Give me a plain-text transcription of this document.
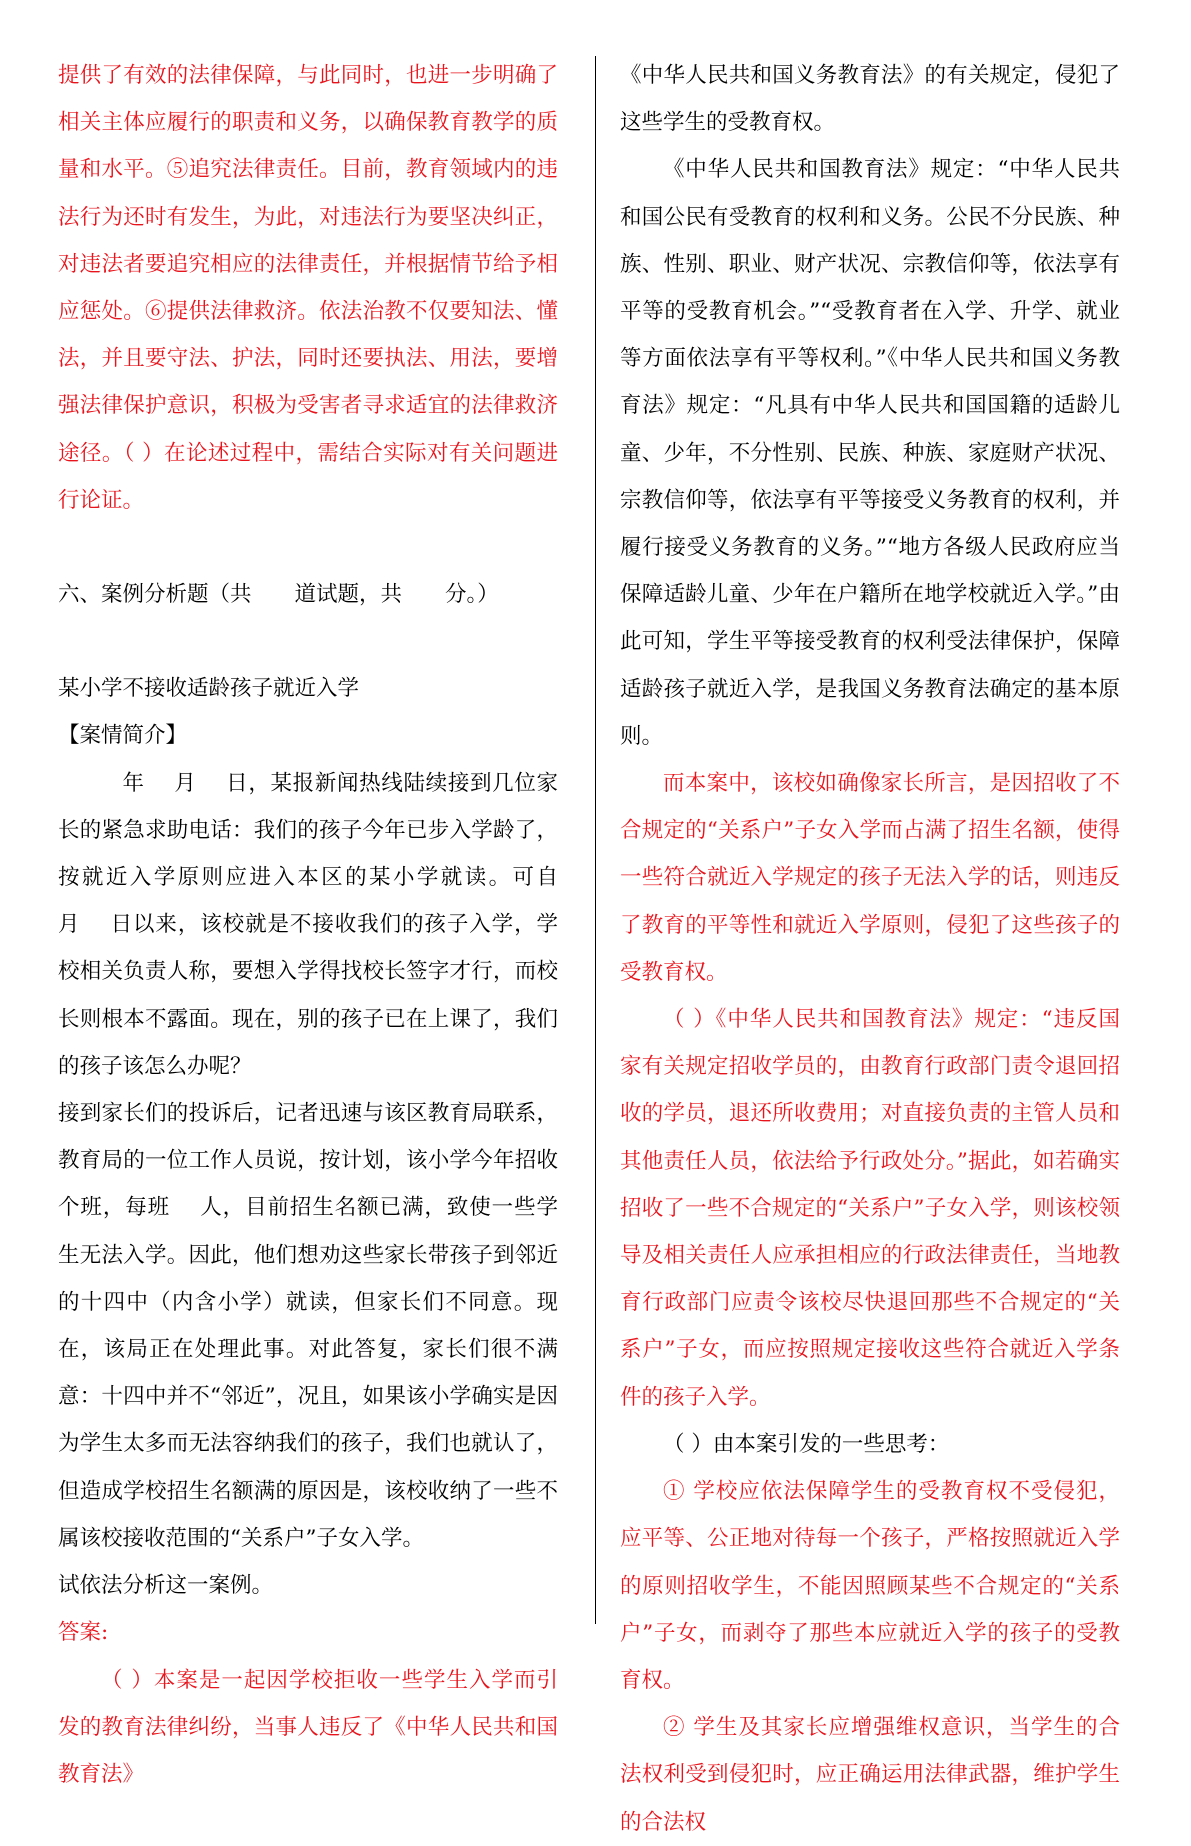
提供了有效的法律保障，与此同时，也进一步明确了相关主体应履行的职责和义务，以确保教育教学的质量和水平。⑤追究法律责任。目前，教育领域内的违法行为还时有发生，为此，对违法行为要坚决纠正，对违法者要追究相应的法律责任，并根据情节给予相应惩处。⑥提供法律救济。依法治教不仅要知法、懂法，并且要守法、护法，同时还要执法、用法，要增强法律保护意识，积极为受害者寻求适宜的法律救济途径。（ ）在论述过程中，需结合实际对有关问题进行论证。

六、案例分析题（共　　道试题，共　　分。）

某小学不接收适龄孩子就近入学

【案情简介】

年　 月　 日，某报新闻热线陆续接到几位家长的紧急求助电话：我们的孩子今年已步入学龄了，按就近入学原则应进入本区的某小学就读。可自　 月　 日以来，该校就是不接收我们的孩子入学，学校相关负责人称，要想入学得找校长签字才行，而校长则根本不露面。现在，别的孩子已在上课了，我们的孩子该怎么办呢？

接到家长们的投诉后，记者迅速与该区教育局联系，教育局的一位工作人员说，按计划，该小学今年招收　个班，每班　 人，目前招生名额已满，致使一些学生无法入学。因此，他们想劝这些家长带孩子到邻近的十四中（内含小学）就读，但家长们不同意。现在，该局正在处理此事。对此答复，家长们很不满意：十四中并不“邻近”，况且，如果该小学确实是因为学生太多而无法容纳我们的孩子，我们也就认了，但造成学校招生名额满的原因是，该校收纳了一些不属该校接收范围的“关系户”子女入学。

试依法分析这一案例。

答案:

（ ）本案是一起因学校拒收一些学生入学而引发的教育法律纠纷，当事人违反了《中华人民共和国教育法》

《中华人民共和国义务教育法》的有关规定，侵犯了这些学生的受教育权。

《中华人民共和国教育法》规定：“中华人民共和国公民有受教育的权利和义务。公民不分民族、种族、性别、职业、财产状况、宗教信仰等，依法享有平等的受教育机会。”“受教育者在入学、升学、就业等方面依法享有平等权利。”《中华人民共和国义务教育法》规定：“凡具有中华人民共和国国籍的适龄儿童、少年，不分性别、民族、种族、家庭财产状况、宗教信仰等，依法享有平等接受义务教育的权利，并履行接受义务教育的义务。”“地方各级人民政府应当保障适龄儿童、少年在户籍所在地学校就近入学。”由此可知，学生平等接受教育的权利受法律保护，保障适龄孩子就近入学，是我国义务教育法确定的基本原则。

而本案中，该校如确像家长所言，是因招收了不合规定的“关系户”子女入学而占满了招生名额，使得一些符合就近入学规定的孩子无法入学的话，则违反了教育的平等性和就近入学原则，侵犯了这些孩子的受教育权。

（ ）《中华人民共和国教育法》规定：“违反国家有关规定招收学员的，由教育行政部门责令退回招收的学员，退还所收费用；对直接负责的主管人员和其他责任人员，依法给予行政处分。”据此，如若确实招收了一些不合规定的“关系户”子女入学，则该校领导及相关责任人应承担相应的行政法律责任，当地教育行政部门应责令该校尽快退回那些不合规定的“关系户”子女，而应按照规定接收这些符合就近入学条件的孩子入学。

（ ）由本案引发的一些思考：

① 学校应依法保障学生的受教育权不受侵犯，应平等、公正地对待每一个孩子，严格按照就近入学的原则招收学生，不能因照顾某些不合规定的“关系户”子女，而剥夺了那些本应就近入学的孩子的受教育权。

② 学生及其家长应增强维权意识，当学生的合法权利受到侵犯时，应正确运用法律武器，维护学生的合法权
